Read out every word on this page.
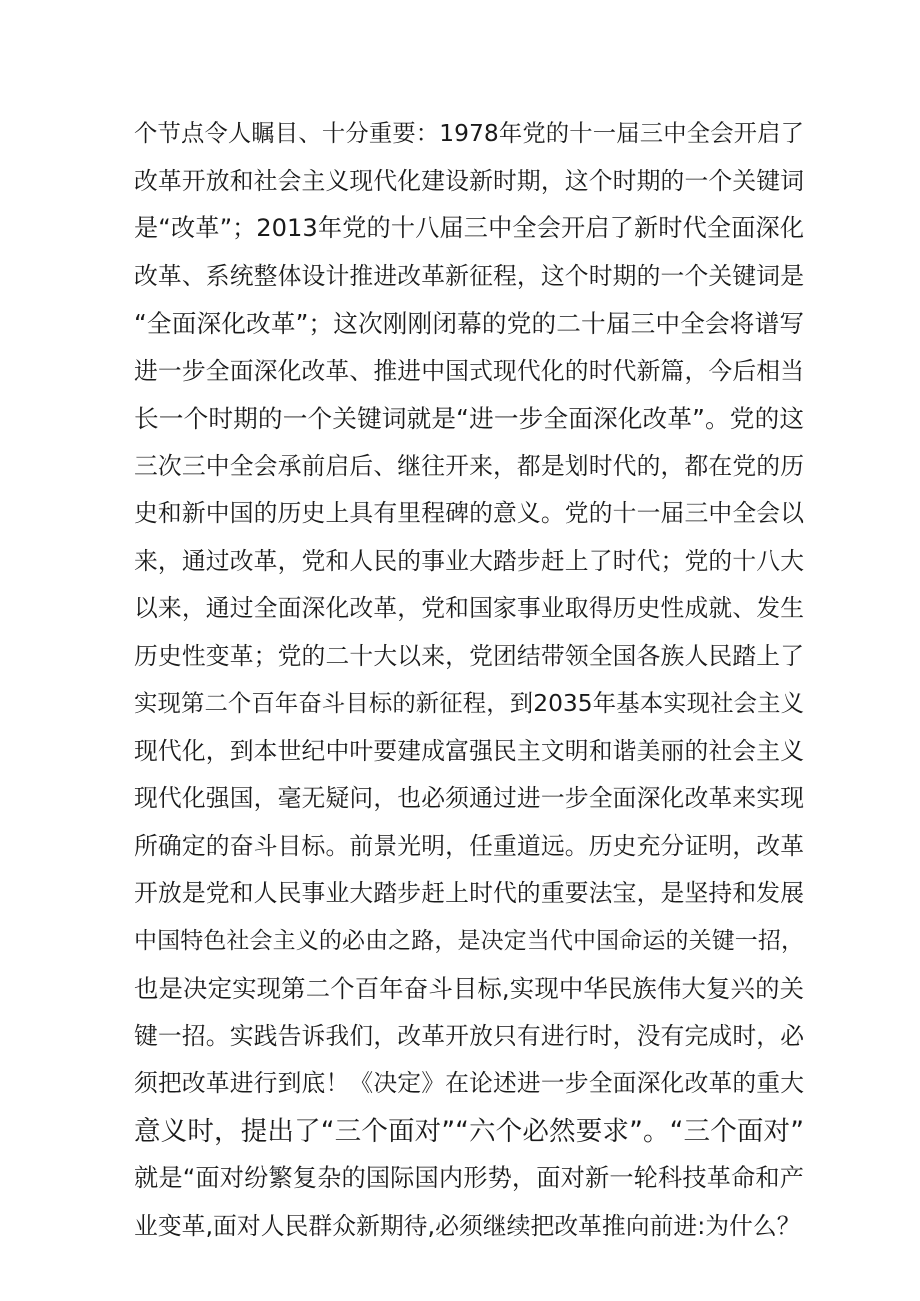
个节点令人瞩目、十分重要：1978年党的十一届三中全会开启了
改革开放和社会主义现代化建设新时期，这个时期的一个关键词
是“改革”；2013年党的十八届三中全会开启了新时代全面深化
改革、系统整体设计推进改革新征程，这个时期的一个关键词是
“全面深化改革”；这次刚刚闭幕的党的二十届三中全会将谱写
进一步全面深化改革、推进中国式现代化的时代新篇，今后相当
长一个时期的一个关键词就是“进一步全面深化改革”。党的这
三次三中全会承前启后、继往开来，都是划时代的，都在党的历
史和新中国的历史上具有里程碑的意义。党的十一届三中全会以
来，通过改革，党和人民的事业大踏步赶上了时代；党的十八大
以来，通过全面深化改革，党和国家事业取得历史性成就、发生
历史性变革；党的二十大以来，党团结带领全国各族人民踏上了
实现第二个百年奋斗目标的新征程，到2035年基本实现社会主义
现代化，到本世纪中叶要建成富强民主文明和谐美丽的社会主义
现代化强国，毫无疑问，也必须通过进一步全面深化改革来实现
所确定的奋斗目标。前景光明，任重道远。历史充分证明，改革
开放是党和人民事业大踏步赶上时代的重要法宝，是坚持和发展
中国特色社会主义的必由之路，是决定当代中国命运的关键一招，
也是决定实现第二个百年奋斗目标,实现中华民族伟大复兴的关
键一招。实践告诉我们，改革开放只有进行时，没有完成时，必
须把改革进行到底！《决定》在论述进一步全面深化改革的重大
意义时，提出了“三个面对”“六个必然要求”。“三个面对”
就是“面对纷繁复杂的国际国内形势，面对新一轮科技革命和产
业变革,面对人民群众新期待,必须继续把改革推向前进:为什么？
